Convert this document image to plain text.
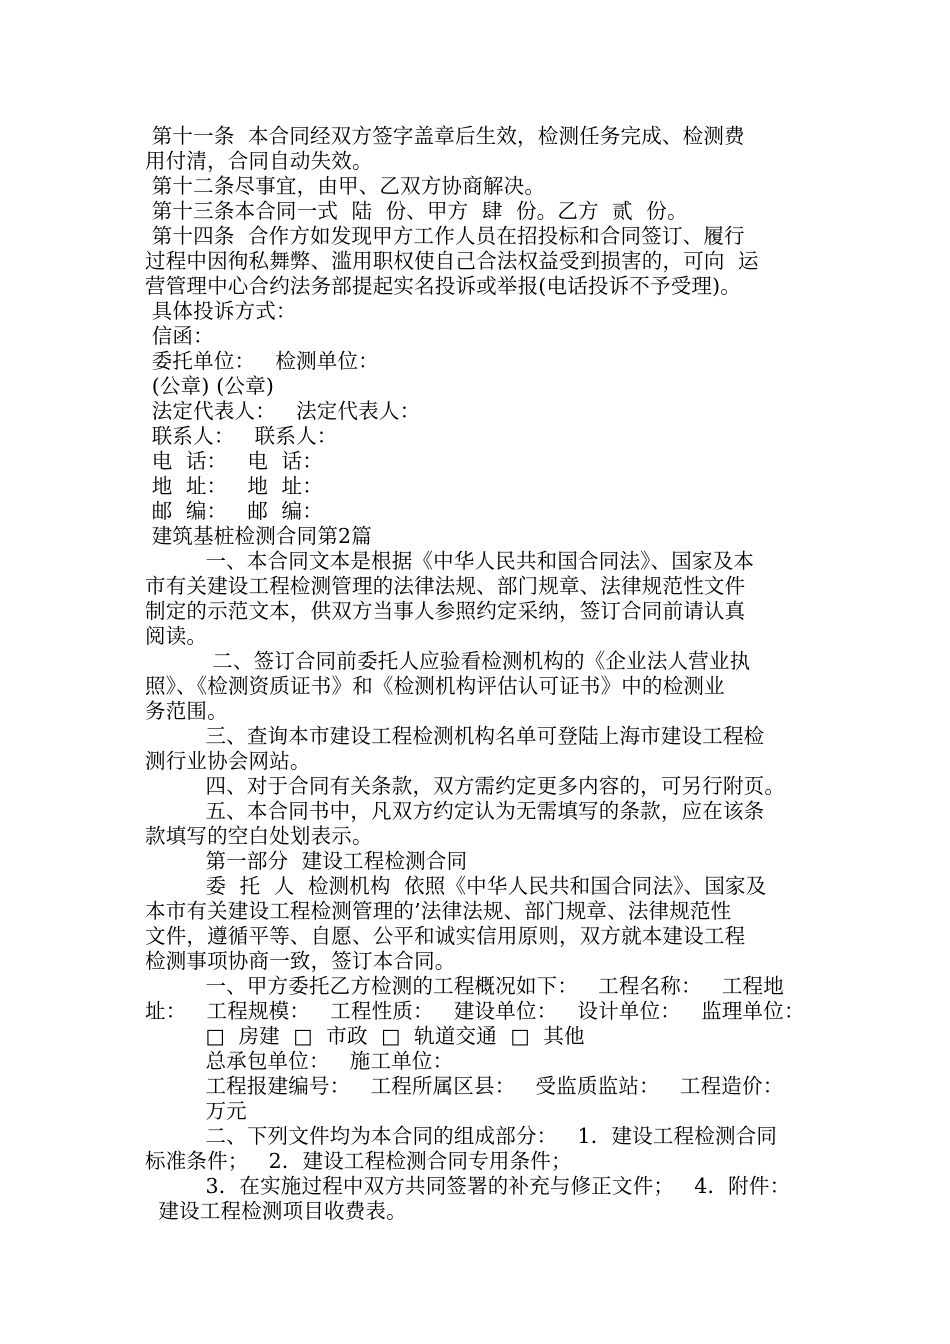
第十一条  本合同经双方签字盖章后生效，检测任务完成、检测费
用付清，合同自动失效。
第十二条尽事宜，由甲、乙双方协商解决。
第十三条本合同一式  陆  份、甲方  肆  份。乙方  贰  份。
第十四条  合作方如发现甲方工作人员在招投标和合同签订、履行
过程中因徇私舞弊、滥用职权使自己合法权益受到损害的，可向  运
营管理中心合约法务部提起实名投诉或举报(电话投诉不予受理)。
具体投诉方式：
信函：
委托单位：   检测单位：
(公章) (公章)
法定代表人：   法定代表人：
联系人：   联系人：
电  话：   电  话：
地  址：   地  址：
邮  编：   邮  编：
建筑基桩检测合同第2篇
一、本合同文本是根据《中华人民共和国合同法》、国家及本
市有关建设工程检测管理的法律法规、部门规章、法律规范性文件
制定的示范文本，供双方当事人参照约定采纳，签订合同前请认真
阅读。
二、签订合同前委托人应验看检测机构的《企业法人营业执
照》、《检测资质证书》和《检测机构评估认可证书》中的检测业
务范围。
三、查询本市建设工程检测机构名单可登陆上海市建设工程检
测行业协会网站。
四、对于合同有关条款，双方需约定更多内容的，可另行附页。
五、本合同书中，凡双方约定认为无需填写的条款，应在该条
款填写的空白处划表示。
第一部分  建设工程检测合同
委  托  人  检测机构  依照《中华人民共和国合同法》、国家及
本市有关建设工程检测管理的’法律法规、部门规章、法律规范性
文件，遵循平等、自愿、公平和诚实信用原则，双方就本建设工程
检测事项协商一致，签订本合同。
一、甲方委托乙方检测的工程概况如下：   工程名称：   工程地
址：   工程规模：   工程性质：   建设单位：   设计单位：   监理单位：
□  房建  □  市政  □  轨道交通  □  其他
总承包单位：   施工单位：
工程报建编号：   工程所属区县：   受监质监站：   工程造价：
万元
二、下列文件均为本合同的组成部分：   1．建设工程检测合同
标准条件；   2．建设工程检测合同专用条件；
3．在实施过程中双方共同签署的补充与修正文件；   4．附件：
建设工程检测项目收费表。
